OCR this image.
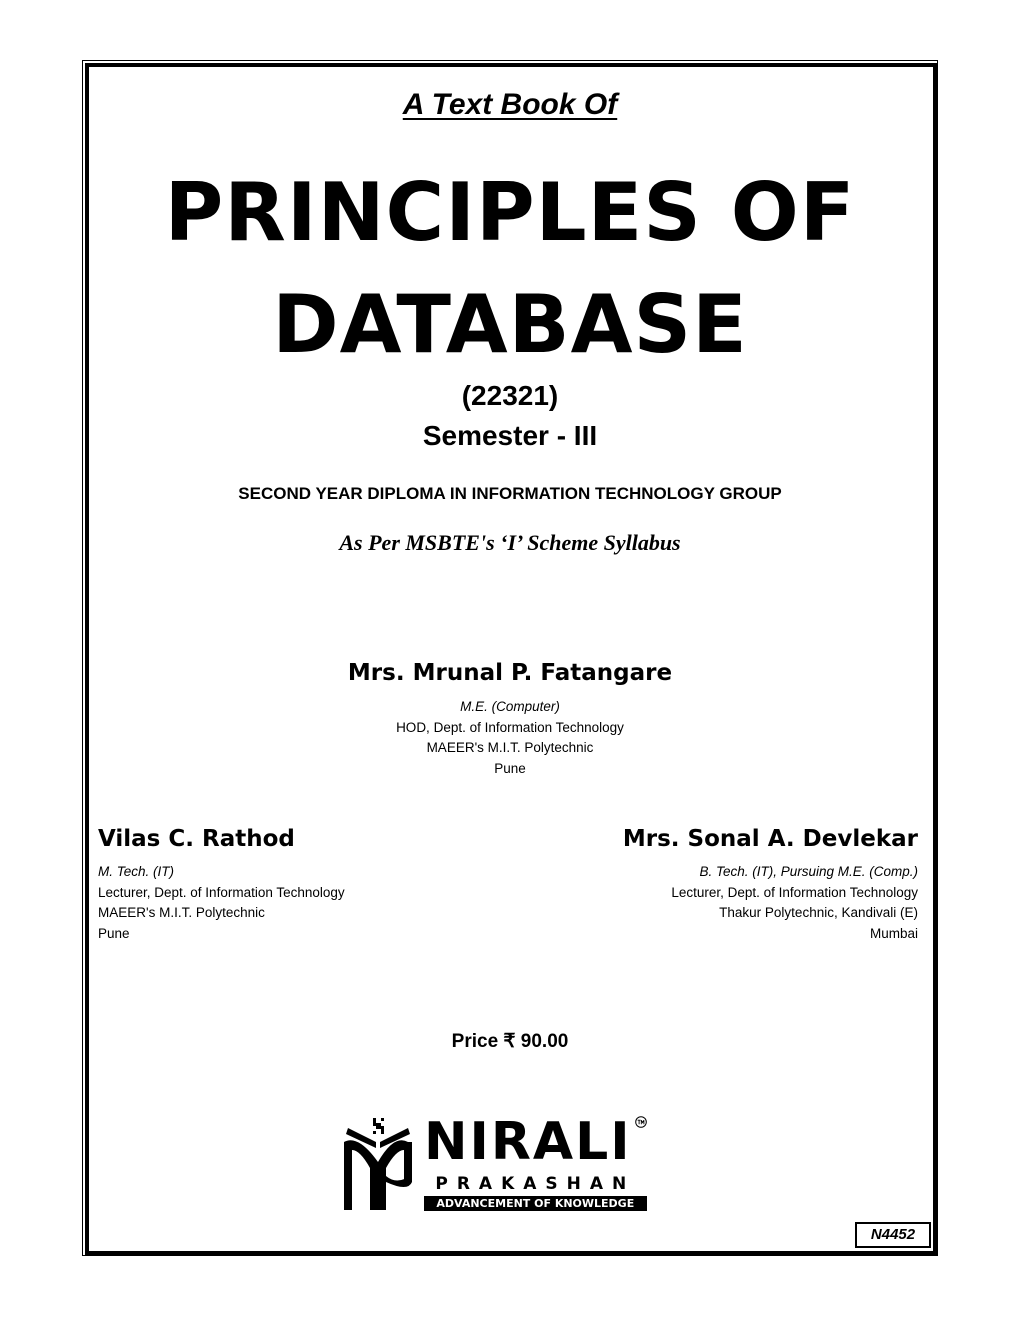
A Text Book Of
PRINCIPLES OF
DATABASE
(22321)
Semester - III
SECOND YEAR DIPLOMA IN INFORMATION TECHNOLOGY GROUP
As Per MSBTE's ‘I’ Scheme Syllabus
Mrs. Mrunal P. Fatangare
M.E. (Computer)
HOD, Dept. of Information Technology
MAEER's M.I.T. Polytechnic
Pune
Vilas C. Rathod
M. Tech. (IT)
Lecturer, Dept. of Information Technology
MAEER's M.I.T. Polytechnic
Pune
Mrs. Sonal A. Devlekar
B. Tech. (IT), Pursuing M.E. (Comp.)
Lecturer, Dept. of Information Technology
Thakur Polytechnic, Kandivali (E)
Mumbai
Price ₹ 90.00
NIRALI
PRAKASHAN
ADVANCEMENT OF KNOWLEDGE
N4452
